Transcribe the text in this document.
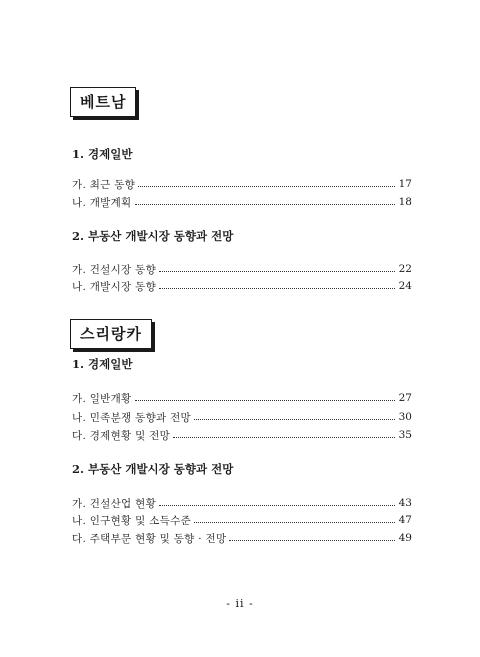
베트남
1. 경제일반
가. 최근 동향	17
나. 개발계획	18
2. 부동산 개발시장 동향과 전망
가. 건설시장 동향	22
나. 개발시장 동향	24
스리랑카
1. 경제일반
가. 일반개황	27
나. 민족분쟁 동향과 전망	30
다. 경제현황 및 전망	35
2. 부동산 개발시장 동향과 전망
가. 건설산업 현황	43
나. 인구현황 및 소득수준	47
다. 주택부문 현황 및 동향 · 전망	49
- ii -
